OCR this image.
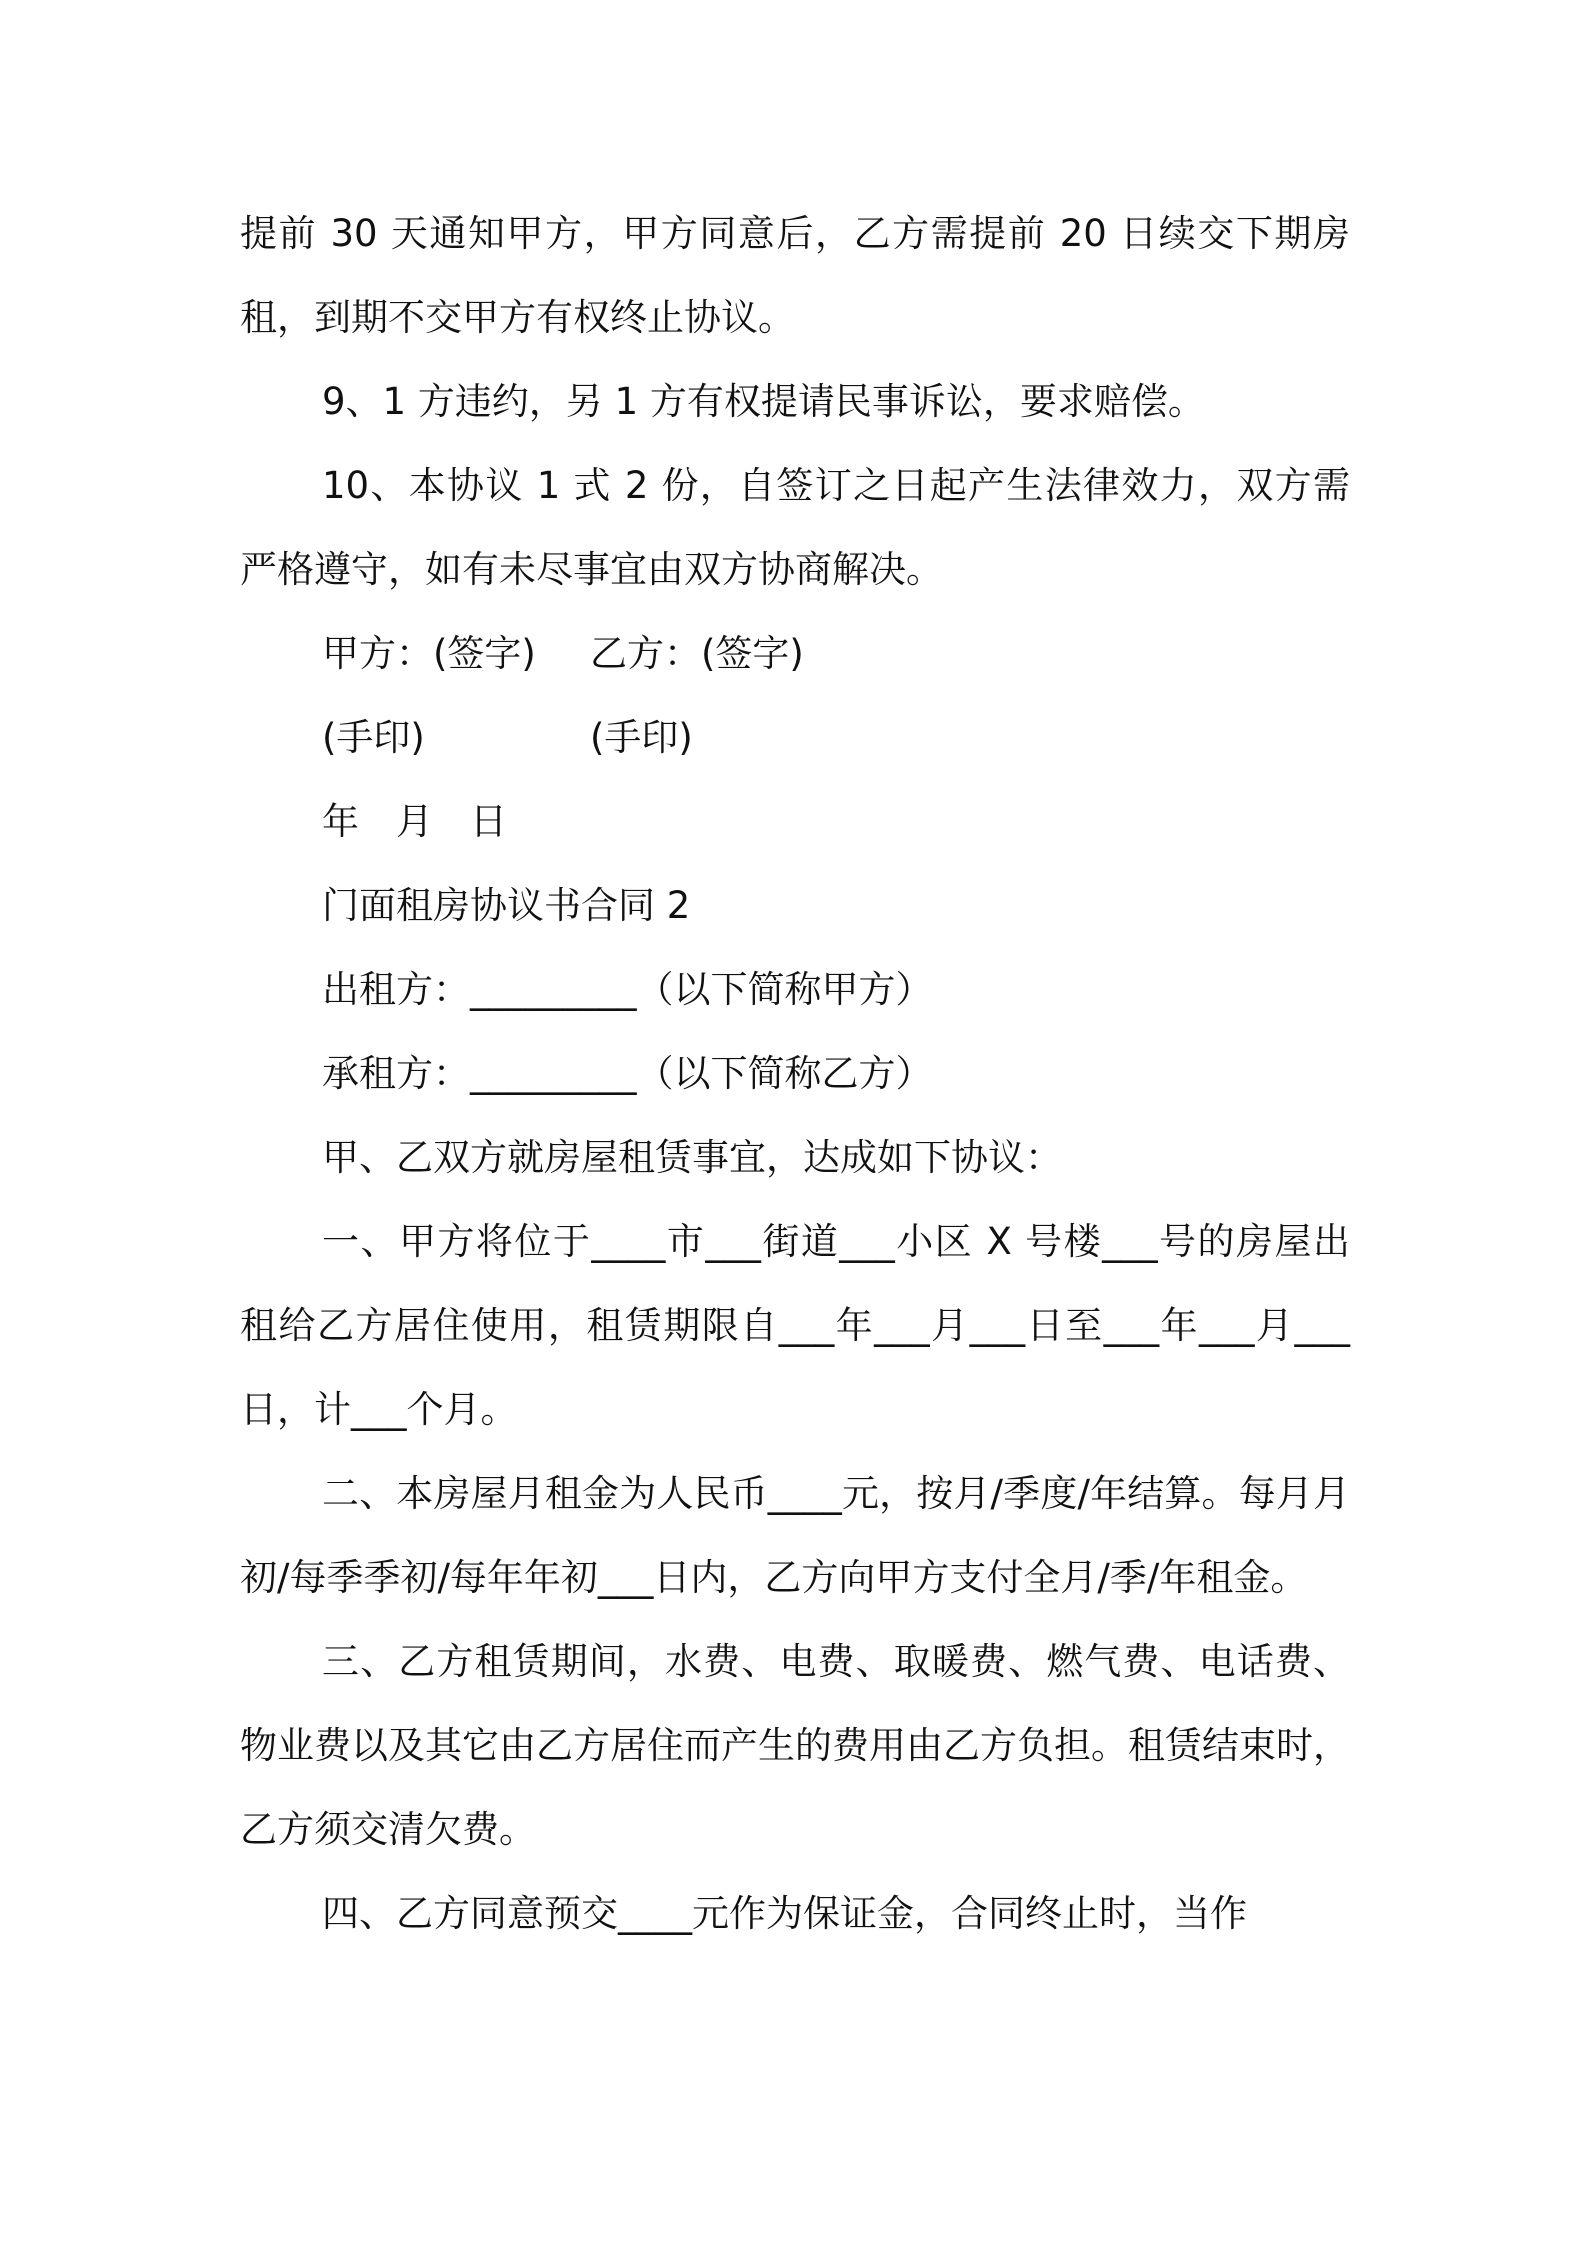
提前 30 天通知甲方，甲方同意后，乙方需提前 20 日续交下期房租，到期不交甲方有权终止协议。

9、1 方违约，另 1 方有权提请民事诉讼，要求赔偿。

10、本协议 1 式 2 份，自签订之日起产生法律效力，双方需严格遵守，如有未尽事宜由双方协商解决。

甲方：(签字) 乙方：(签字)
(手印)	(手印)
年　月　日

门面租房协议书合同 2

出租方：_________（以下简称甲方）

承租方：_________（以下简称乙方）

甲、乙双方就房屋租赁事宜，达成如下协议：

一、甲方将位于____市___街道___小区 X 号楼___号的房屋出租给乙方居住使用，租赁期限自___年___月___日至___年___月___日，计___个月。

二、本房屋月租金为人民币____元，按月/季度/年结算。每月月初/每季季初/每年年初___日内，乙方向甲方支付全月/季/年租金。

三、乙方租赁期间，水费、电费、取暖费、燃气费、电话费、物业费以及其它由乙方居住而产生的费用由乙方负担。租赁结束时，乙方须交清欠费。

四、乙方同意预交____元作为保证金，合同终止时，当作
